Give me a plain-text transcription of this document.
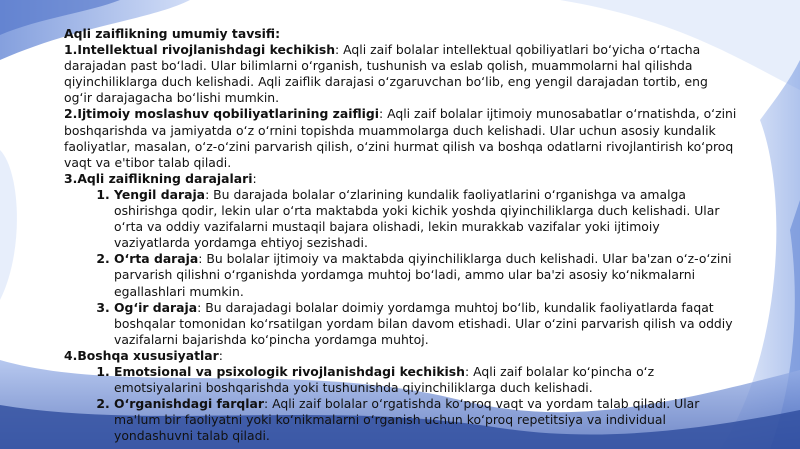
Aqli zaiflikning umumiy tavsifi:

1.Intellektual rivojlanishdagi kechikish: Aqli zaif bolalar intellektual qobiliyatlari bo‘yicha o‘rtacha darajadan past bo‘ladi. Ular bilimlarni o‘rganish, tushunish va eslab qolish, muammolarni hal qilishda qiyinchiliklarga duch kelishadi. Aqli zaiflik darajasi o‘zgaruvchan bo‘lib, eng yengil darajadan tortib, eng og‘ir darajagacha bo‘lishi mumkin.

2.Ijtimoiy moslashuv qobiliyatlarining zaifligi: Aqli zaif bolalar ijtimoiy munosabatlar o‘rnatishda, o‘zini boshqarishda va jamiyatda o‘z o‘rnini topishda muammolarga duch kelishadi. Ular uchun asosiy kundalik faoliyatlar, masalan, o‘z-o‘zini parvarish qilish, o‘zini hurmat qilish va boshqa odatlarni rivojlantirish ko‘proq vaqt va e'tibor talab qiladi.

3.Aqli zaiflikning darajalari:

1. Yengil daraja: Bu darajada bolalar o‘zlarining kundalik faoliyatlarini o‘rganishga va amalga oshirishga qodir, lekin ular o‘rta maktabda yoki kichik yoshda qiyinchiliklarga duch kelishadi. Ular o‘rta va oddiy vazifalarni mustaqil bajara olishadi, lekin murakkab vazifalar yoki ijtimoiy vaziyatlarda yordamga ehtiyoj sezishadi.
2. O‘rta daraja: Bu bolalar ijtimoiy va maktabda qiyinchiliklarga duch kelishadi. Ular ba'zan o‘z-o‘zini parvarish qilishni o‘rganishda yordamga muhtoj bo‘ladi, ammo ular ba'zi asosiy ko‘nikmalarni egallashlari mumkin.
3. Og‘ir daraja: Bu darajadagi bolalar doimiy yordamga muhtoj bo‘lib, kundalik faoliyatlarda faqat boshqalar tomonidan ko‘rsatilgan yordam bilan davom etishadi. Ular o‘zini parvarish qilish va oddiy vazifalarni bajarishda ko‘pincha yordamga muhtoj.

4.Boshqa xususiyatlar:

1. Emotsional va psixologik rivojlanishdagi kechikish: Aqli zaif bolalar ko‘pincha o‘z emotsiyalarini boshqarishda yoki tushunishda qiyinchiliklarga duch kelishadi.
2. O‘rganishdagi farqlar: Aqli zaif bolalar o‘rgatishda ko‘proq vaqt va yordam talab qiladi. Ular ma'lum bir faoliyatni yoki ko‘nikmalarni o‘rganish uchun ko‘proq repetitsiya va individual yondashuvni talab qiladi.
